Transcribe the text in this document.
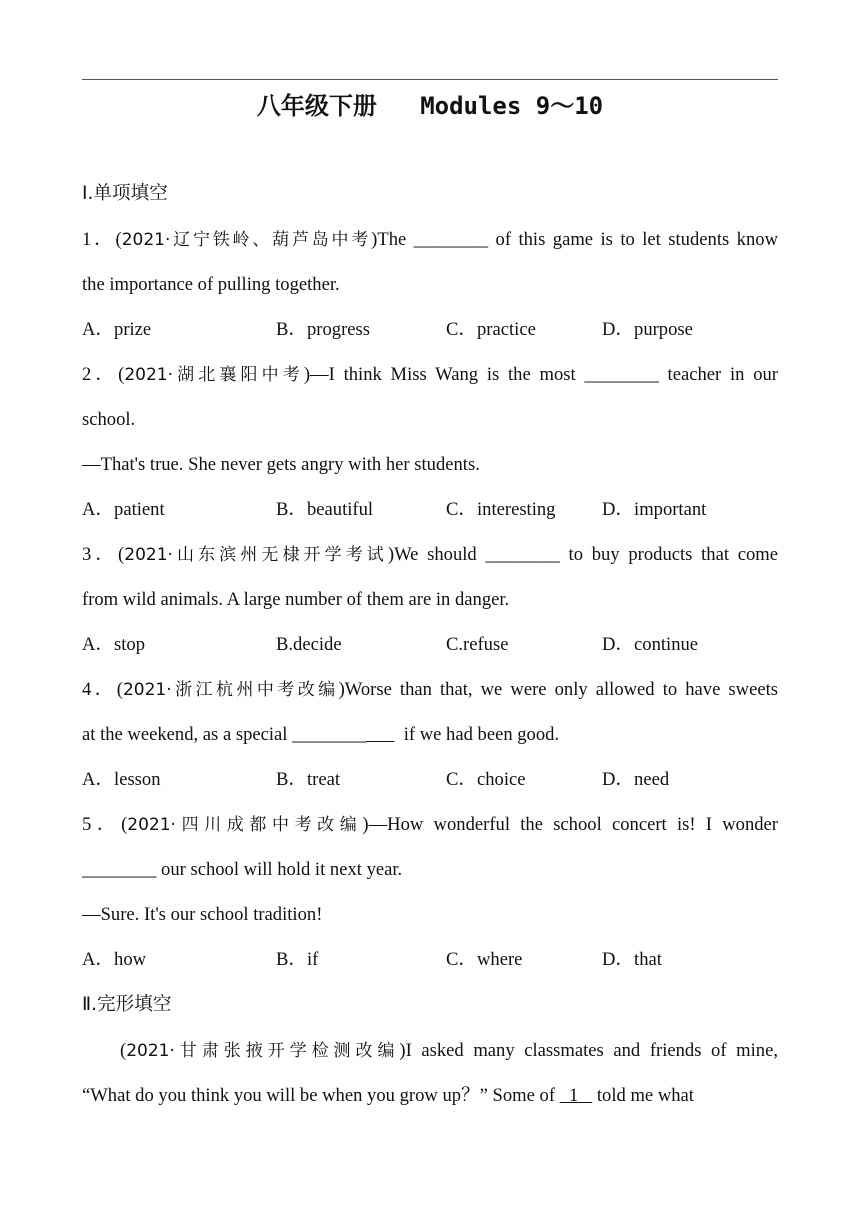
八年级下册   Modules 9～10
Ⅰ.单项填空
1．(2021·辽宁铁岭、葫芦岛中考)The ________ of this game is to let students know
the importance of pulling together.
A．prize	B．progress	C．practice	D．purpose
2．(2021·湖北襄阳中考)—I think Miss Wang is the most ________ teacher in our
school.
—That's true. She never gets angry with her students.
A．patient	B．beautiful	C．interesting	D．important
3．(2021·山东滨州无棣开学考试)We should ________ to buy products that come
from wild animals. A large number of them are in danger.
A．stop	B.decide	C.refuse	D．continue
4．(2021·浙江杭州中考改编)Worse than that, we were only allowed to have sweets
at the weekend, as a special ________        if we had been good.
A．lesson	B．treat	C．choice	D．need
5．(2021·四川成都中考改编)—How wonderful the school concert is! I wonder
________ our school will hold it next year.
—Sure. It's our school tradition!
A．how	B．if	C．where	D．that
Ⅱ.完形填空
(2021·甘肃张掖开学检测改编)I asked many classmates and friends of mine,
“What do you think you will be when you grow up？” Some of   1    told me what
